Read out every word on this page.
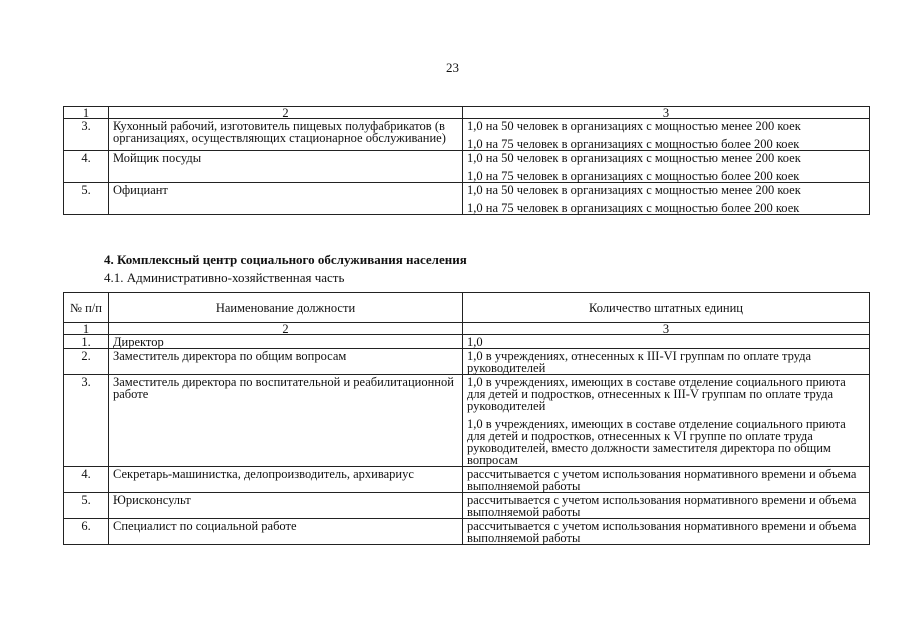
23
1	2	3
3.	Кухонный рабочий, изготовитель пищевых полуфабрикатов (в организациях, осуществляющих стационарное обслуживание)	1,0 на 50 человек в организациях с мощностью менее 200 коек
1,0 на 75 человек в организациях с мощностью более 200 коек

4.	Мойщик посуды	1,0 на 50 человек в организациях с мощностью менее 200 коек
1,0 на 75 человек в организациях с мощностью более 200 коек

5.	Официант	1,0 на 50 человек в организациях с мощностью менее 200 коек
1,0 на 75 человек в организациях с мощностью более 200 коек
4. Комплексный центр социального обслуживания населения
4.1. Административно-хозяйственная часть
№ п/п	Наименование должности	Количество штатных единиц
1	2	3
1.	Директор	1,0

2.	Заместитель директора по общим вопросам	1,0 в учреждениях, отнесенных к III-VI группам по оплате труда руководителей

3.	Заместитель директора по воспитательной и реабилитационной работе	1,0 в учреждениях, имеющих в составе отделение социального приюта для детей и подростков, отнесенных к III-V группам по оплате труда руководителей
1,0 в учреждениях, имеющих в составе отделение социального приюта для детей и подростков, отнесенных к VI группе по оплате труда руководителей, вместо должности заместителя директора по общим вопросам

4.	Секретарь-машинистка, делопроизводитель, архивариус	рассчитывается с учетом использования нормативного времени и объема выполняемой работы

5.	Юрисконсульт	рассчитывается с учетом использования нормативного времени и объема выполняемой работы

6.	Специалист по социальной работе	рассчитывается с учетом использования нормативного времени и объема выполняемой работы
